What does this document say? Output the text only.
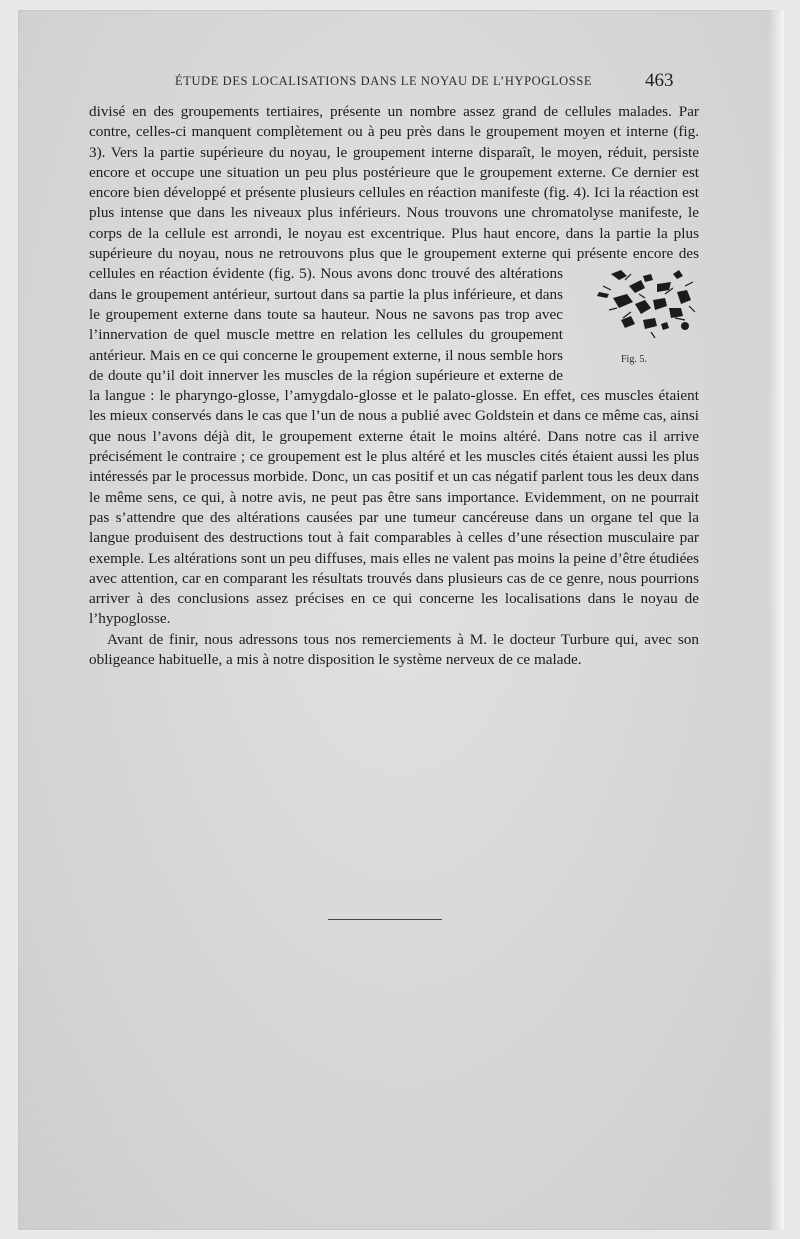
ÉTUDE DES LOCALISATIONS DANS LE NOYAU DE L’HYPOGLOSSE	463

divisé en des groupements tertiaires, présente un nombre assez grand de cellules malades. Par contre, celles-ci manquent complètement ou à peu près dans le groupement moyen et interne (fig. 3). Vers la partie supérieure du noyau, le groupement interne disparaît, le moyen, réduit, persiste encore et occupe une situation un peu plus postérieure que le groupement externe. Ce dernier est encore bien développé et présente plusieurs cellules en réaction manifeste (fig. 4). Ici la réaction est plus intense que dans les niveaux plus inférieurs. Nous trouvons une chromatolyse manifeste, le corps de la cellule est arrondi, le noyau est excentrique. Plus haut encore, dans la partie la plus supérieure du noyau, nous ne retrouvons plus que le groupement externe qui présente encore des cellules en réaction évidente (fig. 5).
Fig. 5.
Nous avons donc trouvé des altérations dans le groupement antérieur, surtout dans sa partie la plus inférieure, et dans le groupement externe dans toute sa hauteur. Nous ne savons pas trop avec l’innervation de quel muscle mettre en relation les cellules du groupement antérieur. Mais en ce qui concerne le groupement externe, il nous semble hors de doute qu’il doit innerver les muscles de la région supérieure et externe de la langue : le pharyngo-glosse, l’amygdalo-glosse et le palato-glosse. En effet, ces muscles étaient les mieux conservés dans le cas que l’un de nous a publié avec Goldstein et dans ce même cas, ainsi que nous l’avons déjà dit, le groupement externe était le moins altéré. Dans notre cas il arrive précisément le contraire ; ce groupement est le plus altéré et les muscles cités étaient aussi les plus intéressés par le processus morbide. Donc, un cas positif et un cas négatif parlent tous les deux dans le même sens, ce qui, à notre avis, ne peut pas être sans importance. Evidemment, on ne pourrait pas s’attendre que des altérations causées par une tumeur cancéreuse dans un organe tel que la langue produisent des destructions tout à fait comparables à celles d’une résection musculaire par exemple. Les altérations sont un peu diffuses, mais elles ne valent pas moins la peine d’être étudiées avec attention, car en comparant les résultats trouvés dans plusieurs cas de ce genre, nous pourrions arriver à des conclusions assez précises en ce qui concerne les localisations dans le noyau de l’hypoglosse.

Avant de finir, nous adressons tous nos remerciements à M. le docteur Turbure qui, avec son obligeance habituelle, a mis à notre disposition le système nerveux de ce malade.
